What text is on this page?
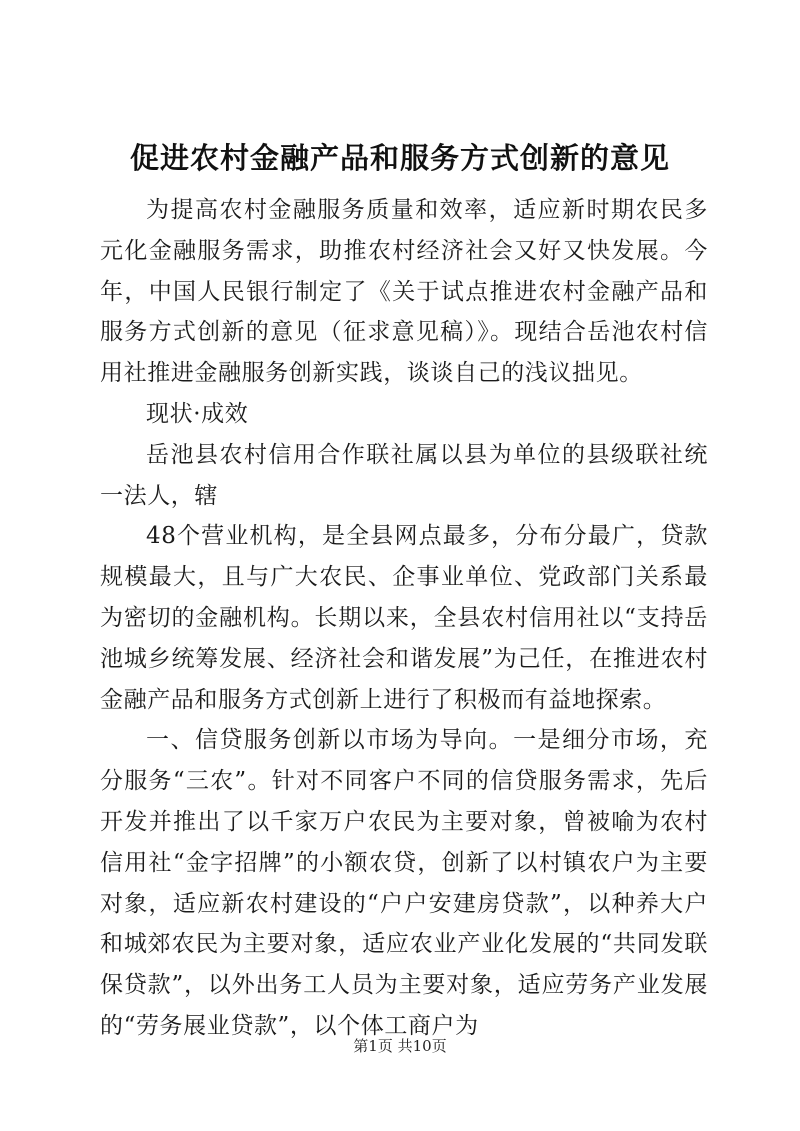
促进农村金融产品和服务方式创新的意见

为提高农村金融服务质量和效率，适应新时期农民多元化金融服务需求，助推农村经济社会又好又快发展。今年，中国人民银行制定了《关于试点推进农村金融产品和服务方式创新的意见（征求意见稿）》。现结合岳池农村信用社推进金融服务创新实践，谈谈自己的浅议拙见。

现状·成效

岳池县农村信用合作联社属以县为单位的县级联社统一法人，辖

48个营业机构，是全县网点最多，分布分最广，贷款规模最大，且与广大农民、企事业单位、党政部门关系最为密切的金融机构。长期以来，全县农村信用社以“支持岳池城乡统筹发展、经济社会和谐发展”为己任，在推进农村金融产品和服务方式创新上进行了积极而有益地探索。

一、信贷服务创新以市场为导向。一是细分市场，充分服务“三农”。针对不同客户不同的信贷服务需求，先后开发并推出了以千家万户农民为主要对象，曾被喻为农村信用社“金字招牌”的小额农贷，创新了以村镇农户为主要对象，适应新农村建设的“户户安建房贷款”，以种养大户和城郊农民为主要对象，适应农业产业化发展的“共同发联保贷款”，以外出务工人员为主要对象，适应劳务产业发展的“劳务展业贷款”，以个体工商户为

第1页 共10页
